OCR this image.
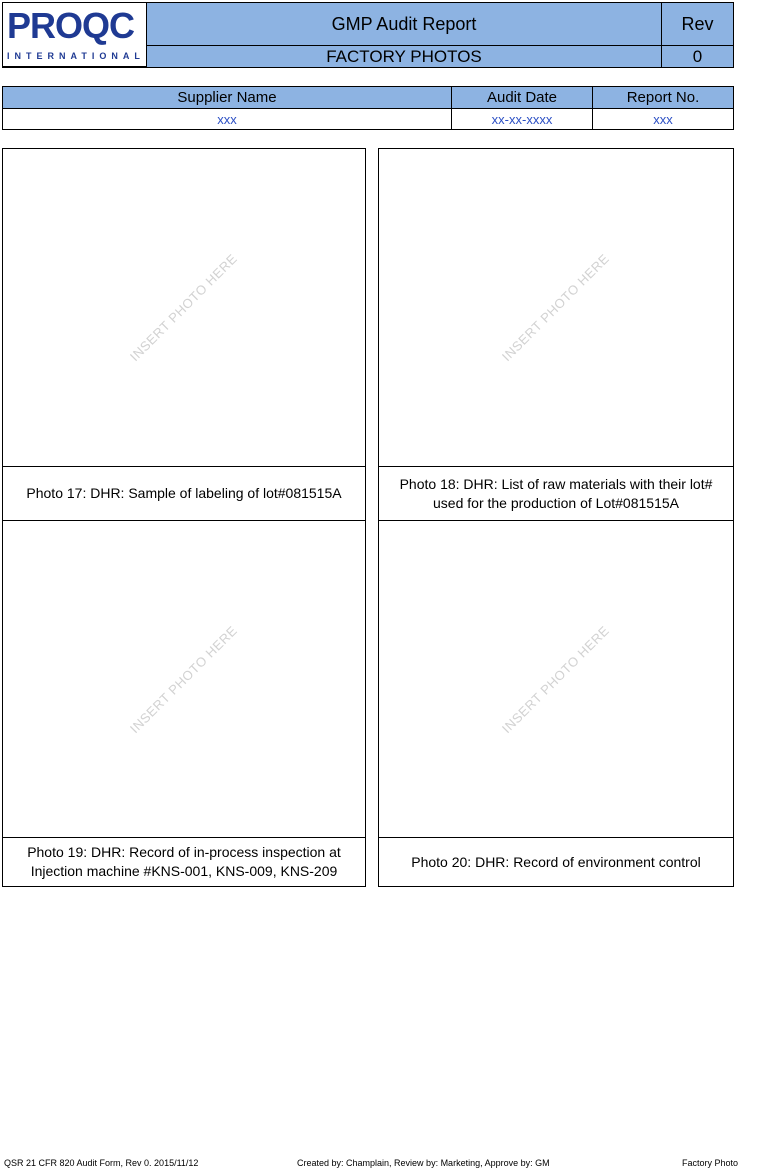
PROQC
INTERNATIONAL
GMP Audit Report
FACTORY PHOTOS
Rev
0
Supplier Name	Audit Date	Report No.
xxx	xx-xx-xxxx	xxx
INSERT PHOTO HERE
Photo 17: DHR: Sample of labeling of lot#081515A
INSERT PHOTO HERE
Photo 18: DHR: List of raw materials with their lot# used for the production of Lot#081515A
INSERT PHOTO HERE
Photo 19: DHR: Record of in-process inspection at Injection machine #KNS-001, KNS-009, KNS-209
INSERT PHOTO HERE
Photo 20: DHR: Record of environment control
QSR 21 CFR 820 Audit Form, Rev 0. 2015/11/12	Created by: Champlain, Review by: Marketing, Approve by: GM	Factory Photo
